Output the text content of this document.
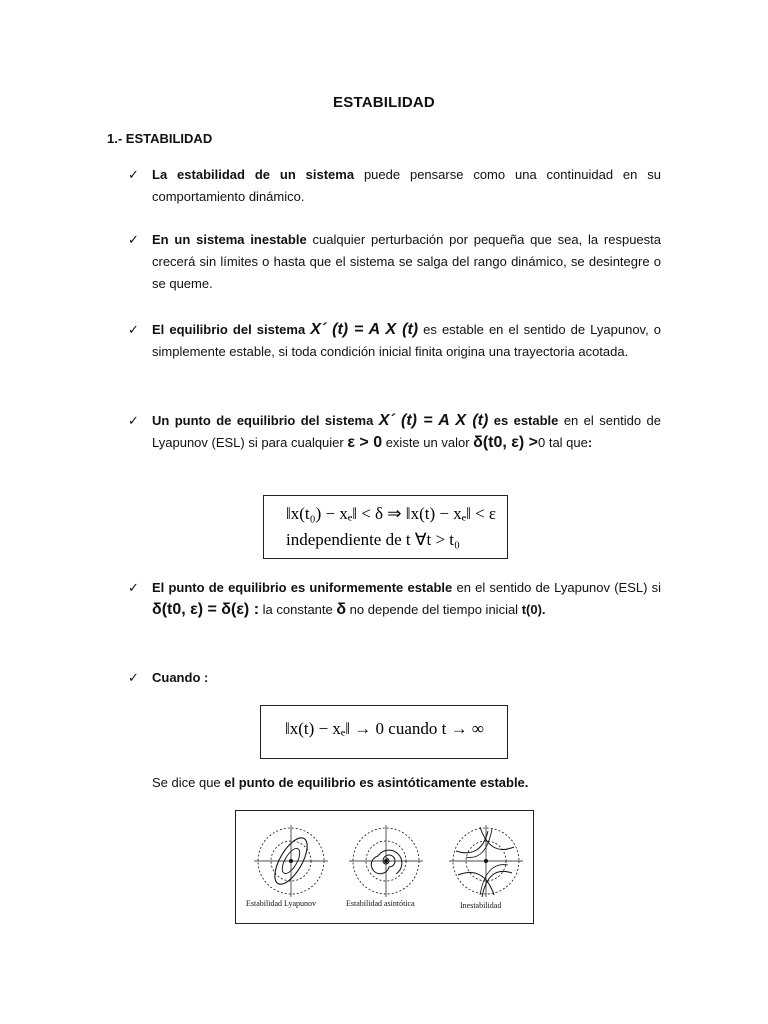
ESTABILIDAD
1.- ESTABILIDAD
✓ La estabilidad de un sistema puede pensarse como una continuidad en su comportamiento dinámico.
✓ En un sistema inestable cualquier perturbación por pequeña que sea, la respuesta crecerá sin límites o hasta que el sistema se salga del rango dinámico, se desintegre o se queme.
✓ El equilibrio del sistema X´ (t) = A X (t) es estable en el sentido de Lyapunov, o simplemente estable, si toda condición inicial finita origina una trayectoria acotada.
✓ Un punto de equilibrio del sistema X´ (t) = A X (t) es estable en el sentido de Lyapunov (ESL) si para cualquier ε > 0 existe un valor δ(t0, ε) >0 tal que:
‖x(t₀) − xₑ‖ < δ ⇒ ‖x(t) − xₑ‖ < ε
independiente de t ∀t > t₀
✓ El punto de equilibrio es uniformemente estable en el sentido de Lyapunov (ESL) si δ(t0, ε) = δ(ε) : la constante δ no depende del tiempo inicial t(0).
✓ Cuando :
‖x(t) − xₑ‖ → 0 cuando t → ∞
Se dice que el punto de equilibrio es asintóticamente estable.
Estabilidad Lyapunov	Estabilidad asintótica	Inestabilidad
